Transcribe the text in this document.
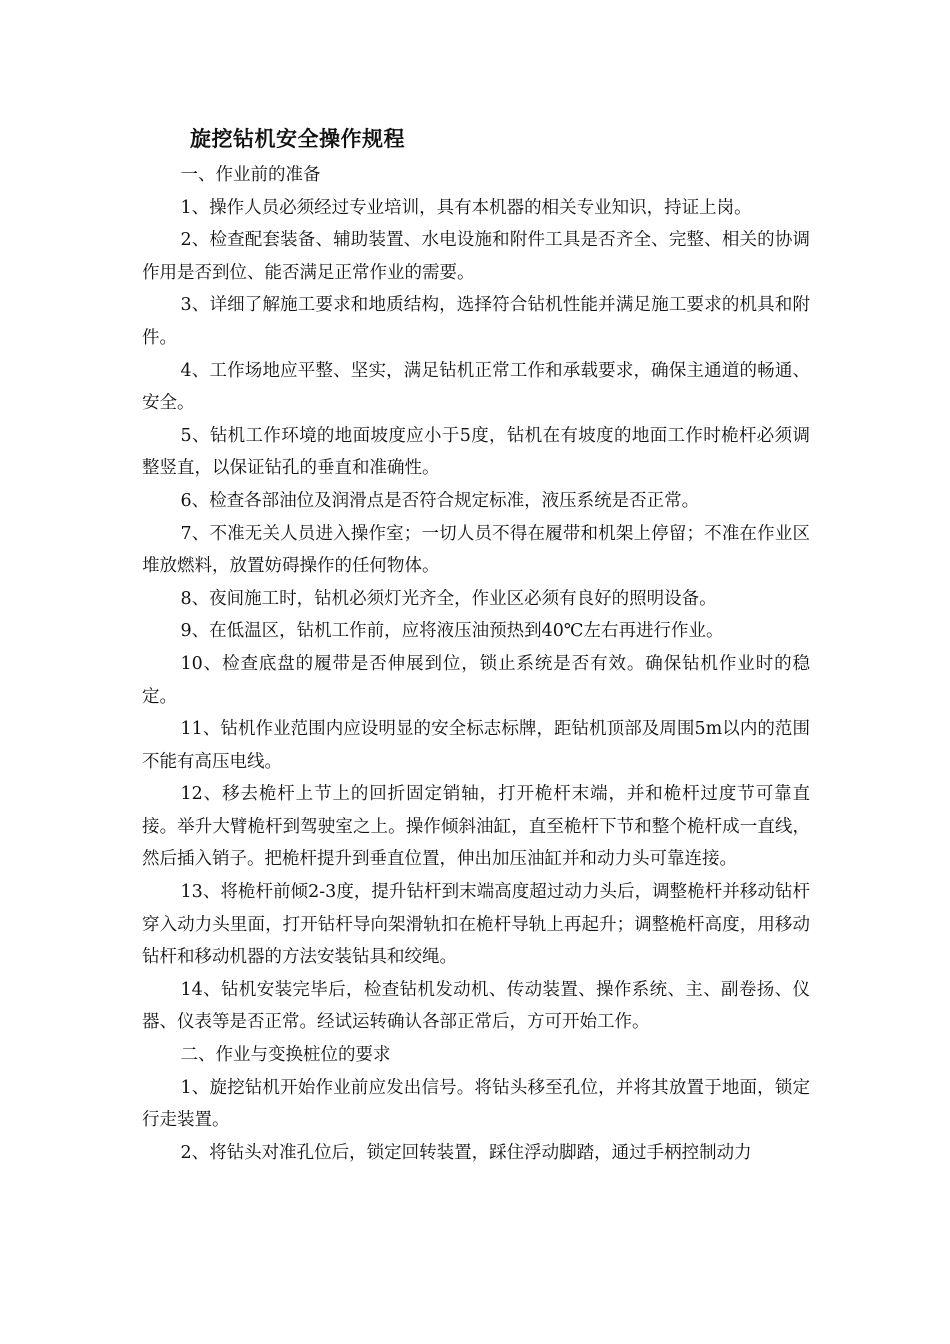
旋挖钻机安全操作规程

一、作业前的准备

1、操作人员必须经过专业培训，具有本机器的相关专业知识，持证上岗。

2、检查配套装备、辅助装置、水电设施和附件工具是否齐全、完整、相关的协调作用是否到位、能否满足正常作业的需要。

3、详细了解施工要求和地质结构，选择符合钻机性能并满足施工要求的机具和附件。

4、工作场地应平整、坚实，满足钻机正常工作和承载要求，确保主通道的畅通、安全。

5、钻机工作环境的地面坡度应小于5度，钻机在有坡度的地面工作时桅杆必须调整竖直，以保证钻孔的垂直和准确性。

6、检查各部油位及润滑点是否符合规定标准，液压系统是否正常。

7、不准无关人员进入操作室；一切人员不得在履带和机架上停留；不准在作业区堆放燃料，放置妨碍操作的任何物体。

8、夜间施工时，钻机必须灯光齐全，作业区必须有良好的照明设备。

9、在低温区，钻机工作前，应将液压油预热到40℃左右再进行作业。

10、检查底盘的履带是否伸展到位，锁止系统是否有效。确保钻机作业时的稳定。

11、钻机作业范围内应设明显的安全标志标牌，距钻机顶部及周围5m以内的范围不能有高压电线。

12、移去桅杆上节上的回折固定销轴，打开桅杆末端，并和桅杆过度节可靠直接。举升大臂桅杆到驾驶室之上。操作倾斜油缸，直至桅杆下节和整个桅杆成一直线，然后插入销子。把桅杆提升到垂直位置，伸出加压油缸并和动力头可靠连接。

13、将桅杆前倾2-3度，提升钻杆到末端高度超过动力头后，调整桅杆并移动钻杆穿入动力头里面，打开钻杆导向架滑轨扣在桅杆导轨上再起升；调整桅杆高度，用移动钻杆和移动机器的方法安装钻具和绞绳。

14、钻机安装完毕后，检查钻机发动机、传动装置、操作系统、主、副卷扬、仪器、仪表等是否正常。经试运转确认各部正常后，方可开始工作。

二、作业与变换桩位的要求

1、旋挖钻机开始作业前应发出信号。将钻头移至孔位，并将其放置于地面，锁定行走装置。

2、将钻头对准孔位后，锁定回转装置，踩住浮动脚踏，通过手柄控制动力
